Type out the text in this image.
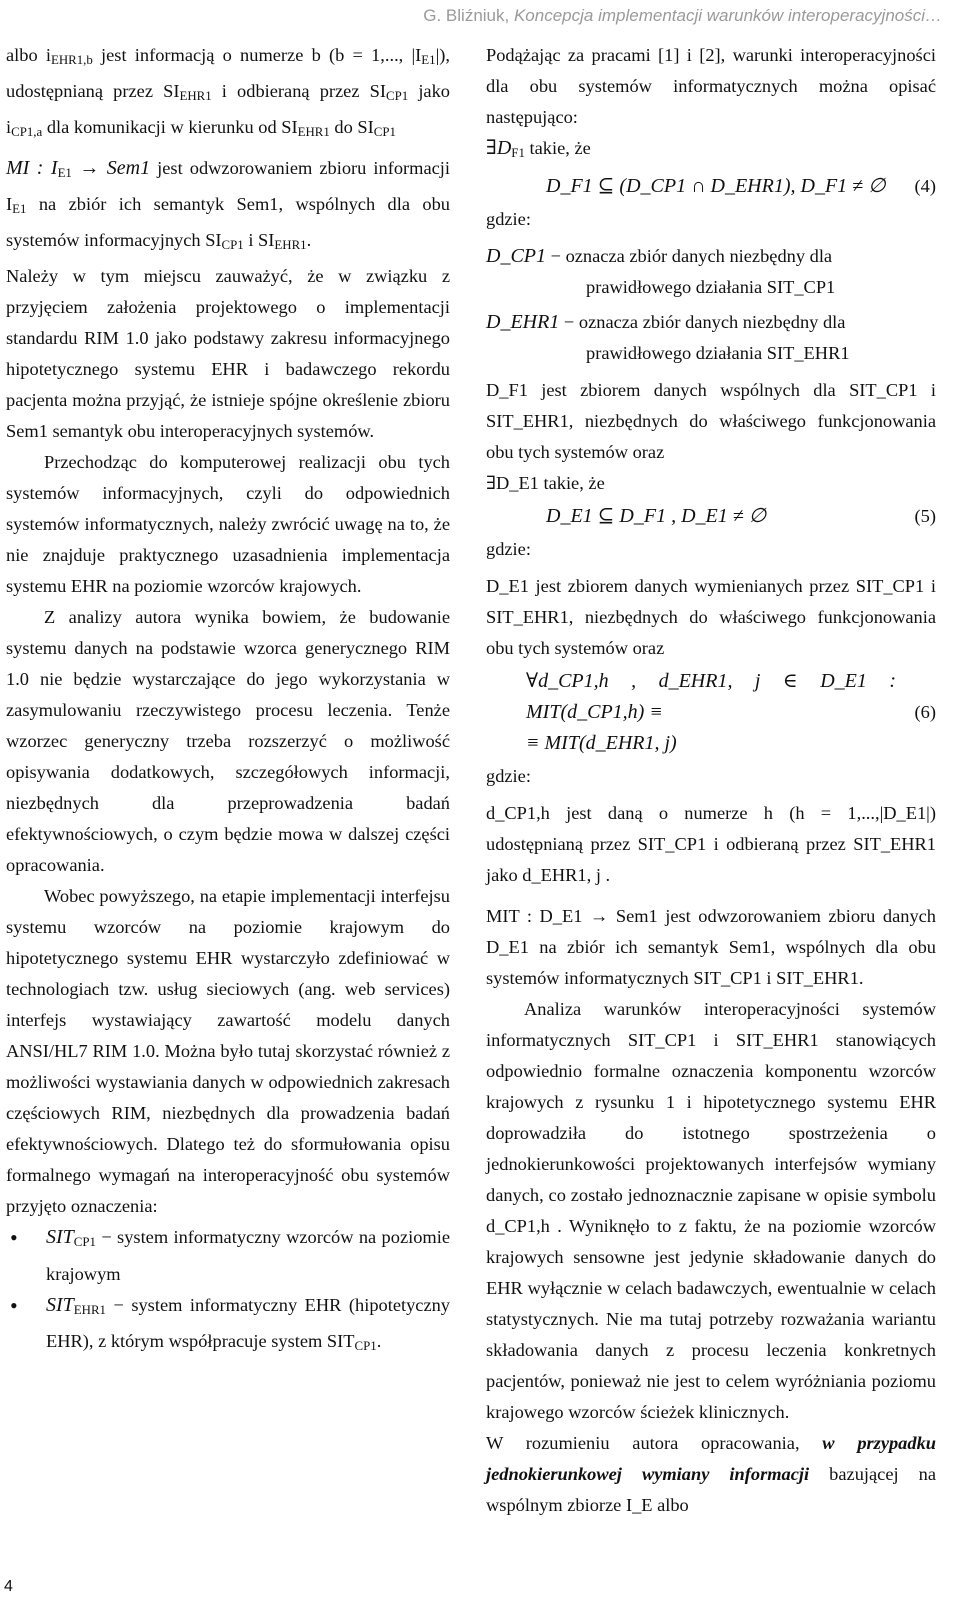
G. Bliźniuk, Koncepcja implementacji warunków interoperacyjności…

albo $i_{EHR1,b}$ jest informacją o numerze b (b = 1,..., $|I_{E1}|$), udostępnianą przez $SI_{EHR1}$ i odbieraną przez $SI_{CP1}$ jako $i_{CP1,a}$ dla komunikacji w kierunku od $SI_{EHR1}$ do $SI_{CP1}$

MI : $I_{E1} \to Sem1$ jest odwzorowaniem zbioru informacji $I_{E1}$ na zbiór ich semantyk Sem1, wspólnych dla obu systemów informacyjnych $SI_{CP1}$ i $SI_{EHR1}$.

Należy w tym miejscu zauważyć, że w związku z przyjęciem założenia projektowego o implementacji standardu RIM 1.0 jako podstawy zakresu informacyjnego hipotetycznego systemu EHR i badawczego rekordu pacjenta można przyjąć, że istnieje spójne określenie zbioru Sem1 semantyk obu interoperacyjnych systemów.

Przechodząc do komputerowej realizacji obu tych systemów informacyjnych, czyli do odpowiednich systemów informatycznych, należy zwrócić uwagę na to, że nie znajduje praktycznego uzasadnienia implementacja systemu EHR na poziomie wzorców krajowych.

Z analizy autora wynika bowiem, że budowanie systemu danych na podstawie wzorca generycznego RIM 1.0 nie będzie wystarczające do jego wykorzystania w zasymulowaniu rzeczywistego procesu leczenia. Tenże wzorzec generyczny trzeba rozszerzyć o możliwość opisywania dodatkowych, szczegółowych informacji, niezbędnych dla przeprowadzenia badań efektywnościowych, o czym będzie mowa w dalszej części opracowania.

Wobec powyższego, na etapie implementacji interfejsu systemu wzorców na poziomie krajowym do hipotetycznego systemu EHR wystarczyło zdefiniować w technologiach tzw. usług sieciowych (ang. web services) interfejs wystawiający zawartość modelu danych ANSI/HL7 RIM 1.0. Można było tutaj skorzystać również z możliwości wystawiania danych w odpowiednich zakresach częściowych RIM, niezbędnych dla prowadzenia badań efektywnościowych. Dlatego też do sformułowania opisu formalnego wymagań na interoperacyjność obu systemów przyjęto oznaczenia:

• $SIT_{CP1}$ − system informatyczny wzorców na poziomie krajowym
• $SIT_{EHR1}$ − system informatyczny EHR (hipotetyczny EHR), z którym współpracuje system $SIT_{CP1}$.

Podążając za pracami [1] i [2], warunki interoperacyjności dla obu systemów informatycznych można opisać następująco:

$\exists D_{F1}$ takie, że

D_F1 ⊆ (D_CP1 ∩ D_EHR1), D_F1 ≠ ∅	(4)

gdzie:

D_CP1 − oznacza zbiór danych niezbędny dla

prawidłowego działania SIT_CP1

D_EHR1 − oznacza zbiór danych niezbędny dla

prawidłowego działania SIT_EHR1

D_F1 jest zbiorem danych wspólnych dla SIT_CP1 i SIT_EHR1, niezbędnych do właściwego funkcjonowania obu tych systemów oraz

∃D_E1 takie, że

D_E1 ⊆ D_F1 , D_E1 ≠ ∅	(5)

gdzie:

D_E1 jest zbiorem danych wymienianych przez SIT_CP1 i SIT_EHR1, niezbędnych do właściwego funkcjonowania obu tych systemów oraz

∀d_CP1,h , d_EHR1, j ∈ D_E1 : MIT(d_CP1,h) ≡
≡ MIT(d_EHR1, j)
(6)

gdzie:

d_CP1,h jest daną o numerze h (h = 1,...,|D_E1|) udostępnianą przez SIT_CP1 i odbieraną przez SIT_EHR1 jako d_EHR1, j .

MIT : D_E1 → Sem1 jest odwzorowaniem zbioru danych D_E1 na zbiór ich semantyk Sem1, wspólnych dla obu systemów informatycznych SIT_CP1 i SIT_EHR1.

Analiza warunków interoperacyjności systemów informatycznych SIT_CP1 i SIT_EHR1 stanowiących odpowiednio formalne oznaczenia komponentu wzorców krajowych z rysunku 1 i hipotetycznego systemu EHR doprowadziła do istotnego spostrzeżenia o jednokierunkowości projektowanych interfejsów wymiany danych, co zostało jednoznacznie zapisane w opisie symbolu d_CP1,h . Wyniknęło to z faktu, że na poziomie wzorców krajowych sensowne jest jedynie składowanie danych do EHR wyłącznie w celach badawczych, ewentualnie w celach statystycznych. Nie ma tutaj potrzeby rozważania wariantu składowania danych z procesu leczenia konkretnych pacjentów, ponieważ nie jest to celem wyróżniania poziomu krajowego wzorców ścieżek klinicznych.

W rozumieniu autora opracowania, w przypadku jednokierunkowej wymiany informacji bazującej na wspólnym zbiorze I_E albo

4
